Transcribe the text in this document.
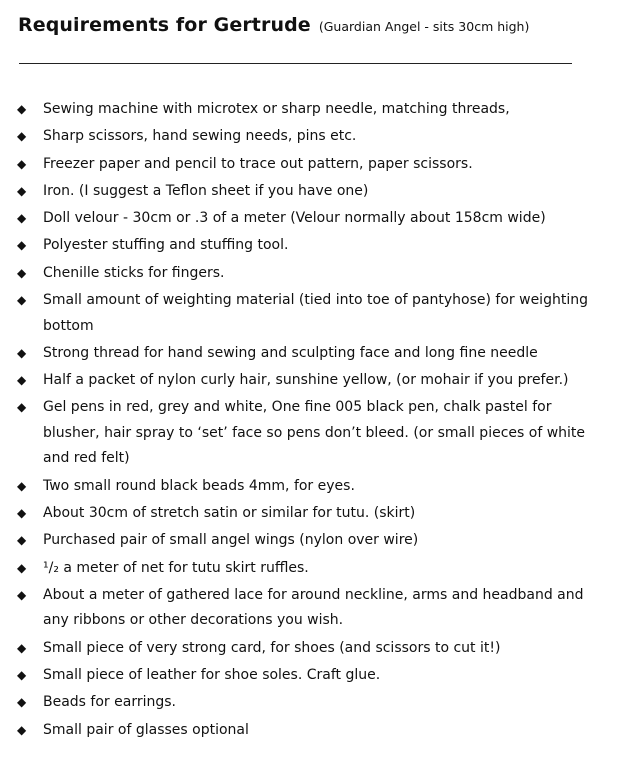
Requirements for Gertrude (Guardian Angel - sits 30cm high)
◆ Sewing machine with microtex or sharp needle, matching threads,
◆ Sharp scissors, hand sewing needs, pins etc.
◆ Freezer paper and pencil to trace out pattern, paper scissors.
◆ Iron. (I suggest a Teflon sheet if you have one)
◆ Doll velour - 30cm or .3 of a meter (Velour normally about 158cm wide)
◆ Polyester stuffing and stuffing tool.
◆ Chenille sticks for fingers.
◆ Small amount of weighting material (tied into toe of pantyhose) for weighting bottom
◆ Strong thread for hand sewing and sculpting face and long fine needle
◆ Half a packet of nylon curly hair, sunshine yellow, (or mohair if you prefer.)
◆ Gel pens in red, grey and white, One fine 005 black pen, chalk pastel for blusher, hair spray to ‘set’ face so pens don’t bleed. (or small pieces of white and red felt)
◆ Two small round black beads 4mm, for eyes.
◆ About 30cm of stretch satin or similar for tutu. (skirt)
◆ Purchased pair of small angel wings (nylon over wire)
◆ ¹/₂ a meter of net for tutu skirt ruffles.
◆ About a meter of gathered lace for around neckline, arms and headband and any ribbons or other decorations you wish.
◆ Small piece of very strong card, for shoes (and scissors to cut it!)
◆ Small piece of leather for shoe soles. Craft glue.
◆ Beads for earrings.
◆ Small pair of glasses optional
